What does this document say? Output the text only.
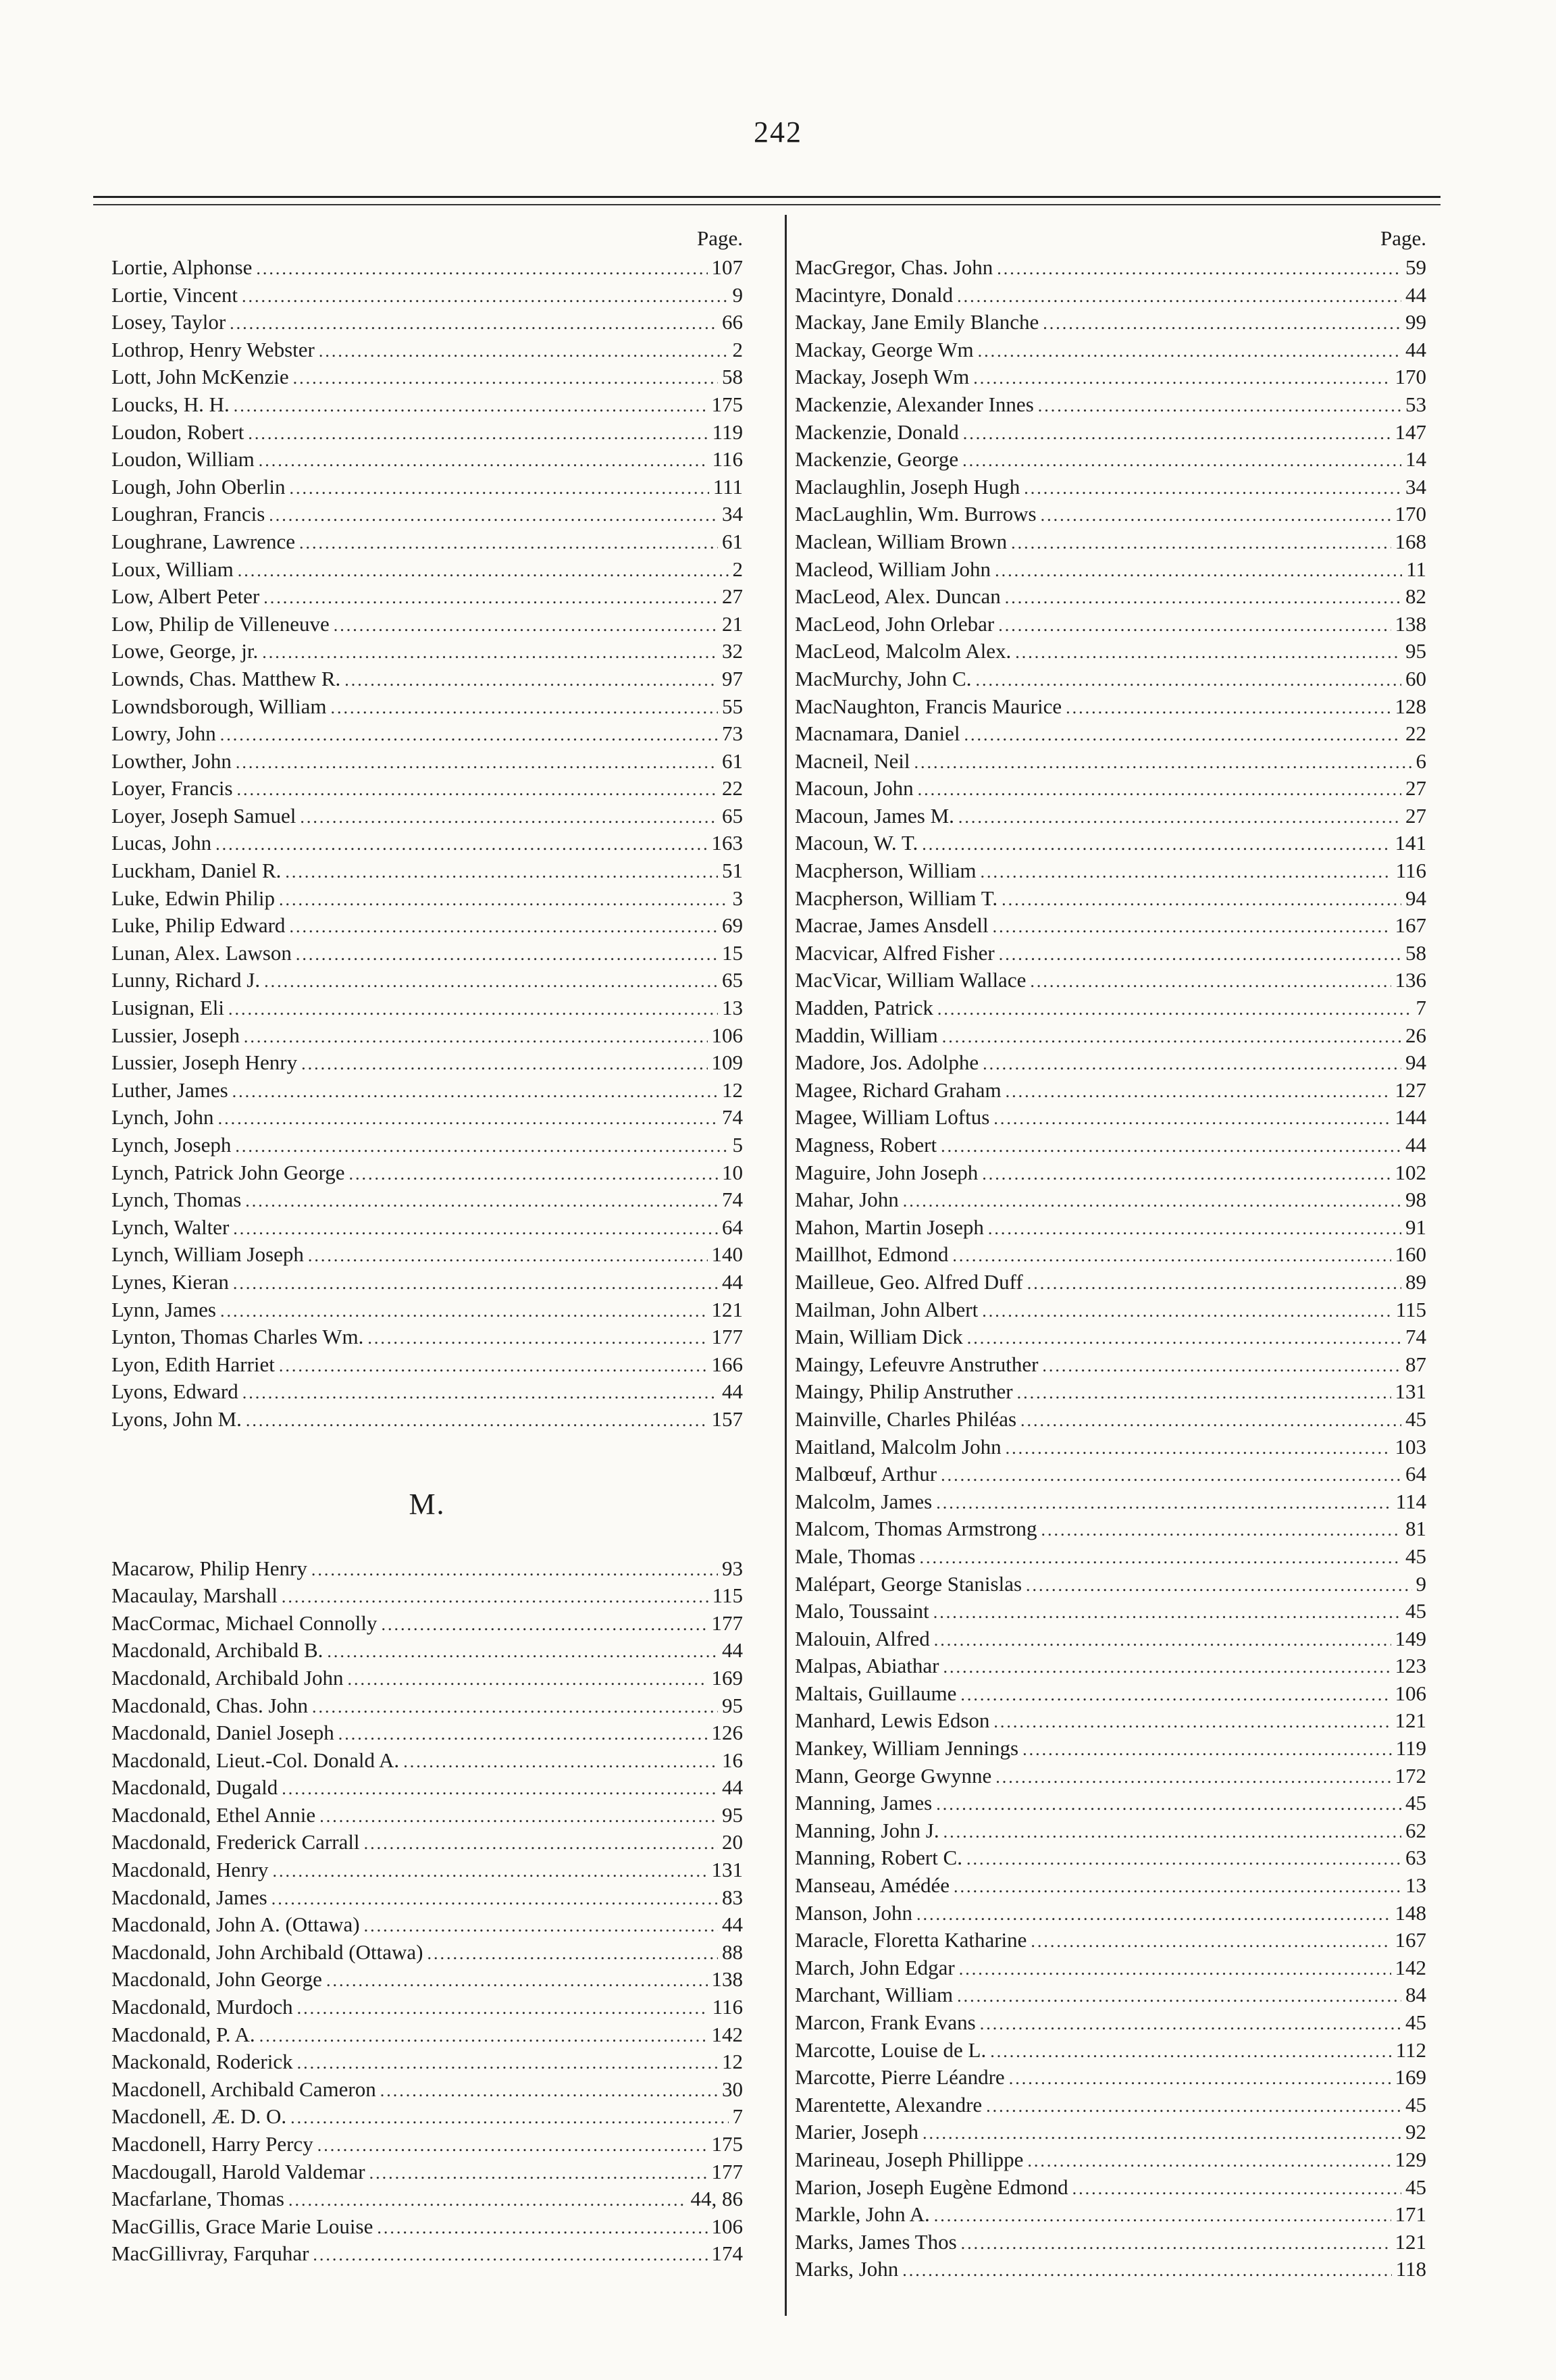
242
Page.
Lortie, Alphonse .....	107
Lortie, Vincent .....	9
Losey, Taylor .....	66
Lothrop, Henry Webster .....	2
Lott, John McKenzie .....	58
Loucks, H. H. .....	175
Loudon, Robert .....	119
Loudon, William .....	116
Lough, John Oberlin .....	111
Loughran, Francis .....	34
Loughrane, Lawrence .....	61
Loux, William .....	2
Low, Albert Peter .....	27
Low, Philip de Villeneuve .....	21
Lowe, George, jr. .....	32
Lownds, Chas. Matthew R. .....	97
Lowndsborough, William .....	55
Lowry, John .....	73
Lowther, John .....	61
Loyer, Francis .....	22
Loyer, Joseph Samuel .....	65
Lucas, John .....	163
Luckham, Daniel R. .....	51
Luke, Edwin Philip .....	3
Luke, Philip Edward .....	69
Lunan, Alex. Lawson .....	15
Lunny, Richard J. .....	65
Lusignan, Eli .....	13
Lussier, Joseph .....	106
Lussier, Joseph Henry .....	109
Luther, James .....	12
Lynch, John .....	74
Lynch, Joseph .....	5
Lynch, Patrick John George .....	10
Lynch, Thomas .....	74
Lynch, Walter .....	64
Lynch, William Joseph .....	140
Lynes, Kieran .....	44
Lynn, James .....	121
Lynton, Thomas Charles Wm. .....	177
Lyon, Edith Harriet .....	166
Lyons, Edward .....	44
Lyons, John M. .....	157
M.
Macarow, Philip Henry .....	93
Macaulay, Marshall .....	115
MacCormac, Michael Connolly .....	177
Macdonald, Archibald B. .....	44
Macdonald, Archibald John .....	169
Macdonald, Chas. John .....	95
Macdonald, Daniel Joseph .....	126
Macdonald, Lieut.-Col. Donald A. .....	16
Macdonald, Dugald .....	44
Macdonald, Ethel Annie .....	95
Macdonald, Frederick Carrall .....	20
Macdonald, Henry .....	131
Macdonald, James .....	83
Macdonald, John A. (Ottawa) .....	44
Macdonald, John Archibald (Ottawa) .....	88
Macdonald, John George .....	138
Macdonald, Murdoch .....	116
Macdonald, P. A. .....	142
Mackonald, Roderick .....	12
Macdonell, Archibald Cameron .....	30
Macdonell, Æ. D. O. .....	7
Macdonell, Harry Percy .....	175
Macdougall, Harold Valdemar .....	177
Macfarlane, Thomas .....	44, 86
MacGillis, Grace Marie Louise .....	106
MacGillivray, Farquhar .....	174
Page.
MacGregor, Chas. John .....	59
Macintyre, Donald .....	44
Mackay, Jane Emily Blanche .....	99
Mackay, George Wm .....	44
Mackay, Joseph Wm .....	170
Mackenzie, Alexander Innes .....	53
Mackenzie, Donald .....	147
Mackenzie, George .....	14
Maclaughlin, Joseph Hugh .....	34
MacLaughlin, Wm. Burrows .....	170
Maclean, William Brown .....	168
Macleod, William John .....	11
MacLeod, Alex. Duncan .....	82
MacLeod, John Orlebar .....	138
MacLeod, Malcolm Alex. .....	95
MacMurchy, John C. .....	60
MacNaughton, Francis Maurice .....	128
Macnamara, Daniel .....	22
Macneil, Neil .....	6
Macoun, John .....	27
Macoun, James M. .....	27
Macoun, W. T. .....	141
Macpherson, William .....	116
Macpherson, William T. .....	94
Macrae, James Ansdell .....	167
Macvicar, Alfred Fisher .....	58
MacVicar, William Wallace .....	136
Madden, Patrick .....	7
Maddin, William .....	26
Madore, Jos. Adolphe .....	94
Magee, Richard Graham .....	127
Magee, William Loftus .....	144
Magness, Robert .....	44
Maguire, John Joseph .....	102
Mahar, John .....	98
Mahon, Martin Joseph .....	91
Maillhot, Edmond .....	160
Mailleue, Geo. Alfred Duff .....	89
Mailman, John Albert .....	115
Main, William Dick .....	74
Maingy, Lefeuvre Anstruther .....	87
Maingy, Philip Anstruther .....	131
Mainville, Charles Philéas .....	45
Maitland, Malcolm John .....	103
Malbœuf, Arthur .....	64
Malcolm, James .....	114
Malcom, Thomas Armstrong .....	81
Male, Thomas .....	45
Malépart, George Stanislas .....	9
Malo, Toussaint .....	45
Malouin, Alfred .....	149
Malpas, Abiathar .....	123
Maltais, Guillaume .....	106
Manhard, Lewis Edson .....	121
Mankey, William Jennings .....	119
Mann, George Gwynne .....	172
Manning, James .....	45
Manning, John J. .....	62
Manning, Robert C. .....	63
Manseau, Amédée .....	13
Manson, John .....	148
Maracle, Floretta Katharine .....	167
March, John Edgar .....	142
Marchant, William .....	84
Marcon, Frank Evans .....	45
Marcotte, Louise de L. .....	112
Marcotte, Pierre Léandre .....	169
Marentette, Alexandre .....	45
Marier, Joseph .....	92
Marineau, Joseph Phillippe .....	129
Marion, Joseph Eugène Edmond .....	45
Markle, John A. .....	171
Marks, James Thos .....	121
Marks, John .....	118
